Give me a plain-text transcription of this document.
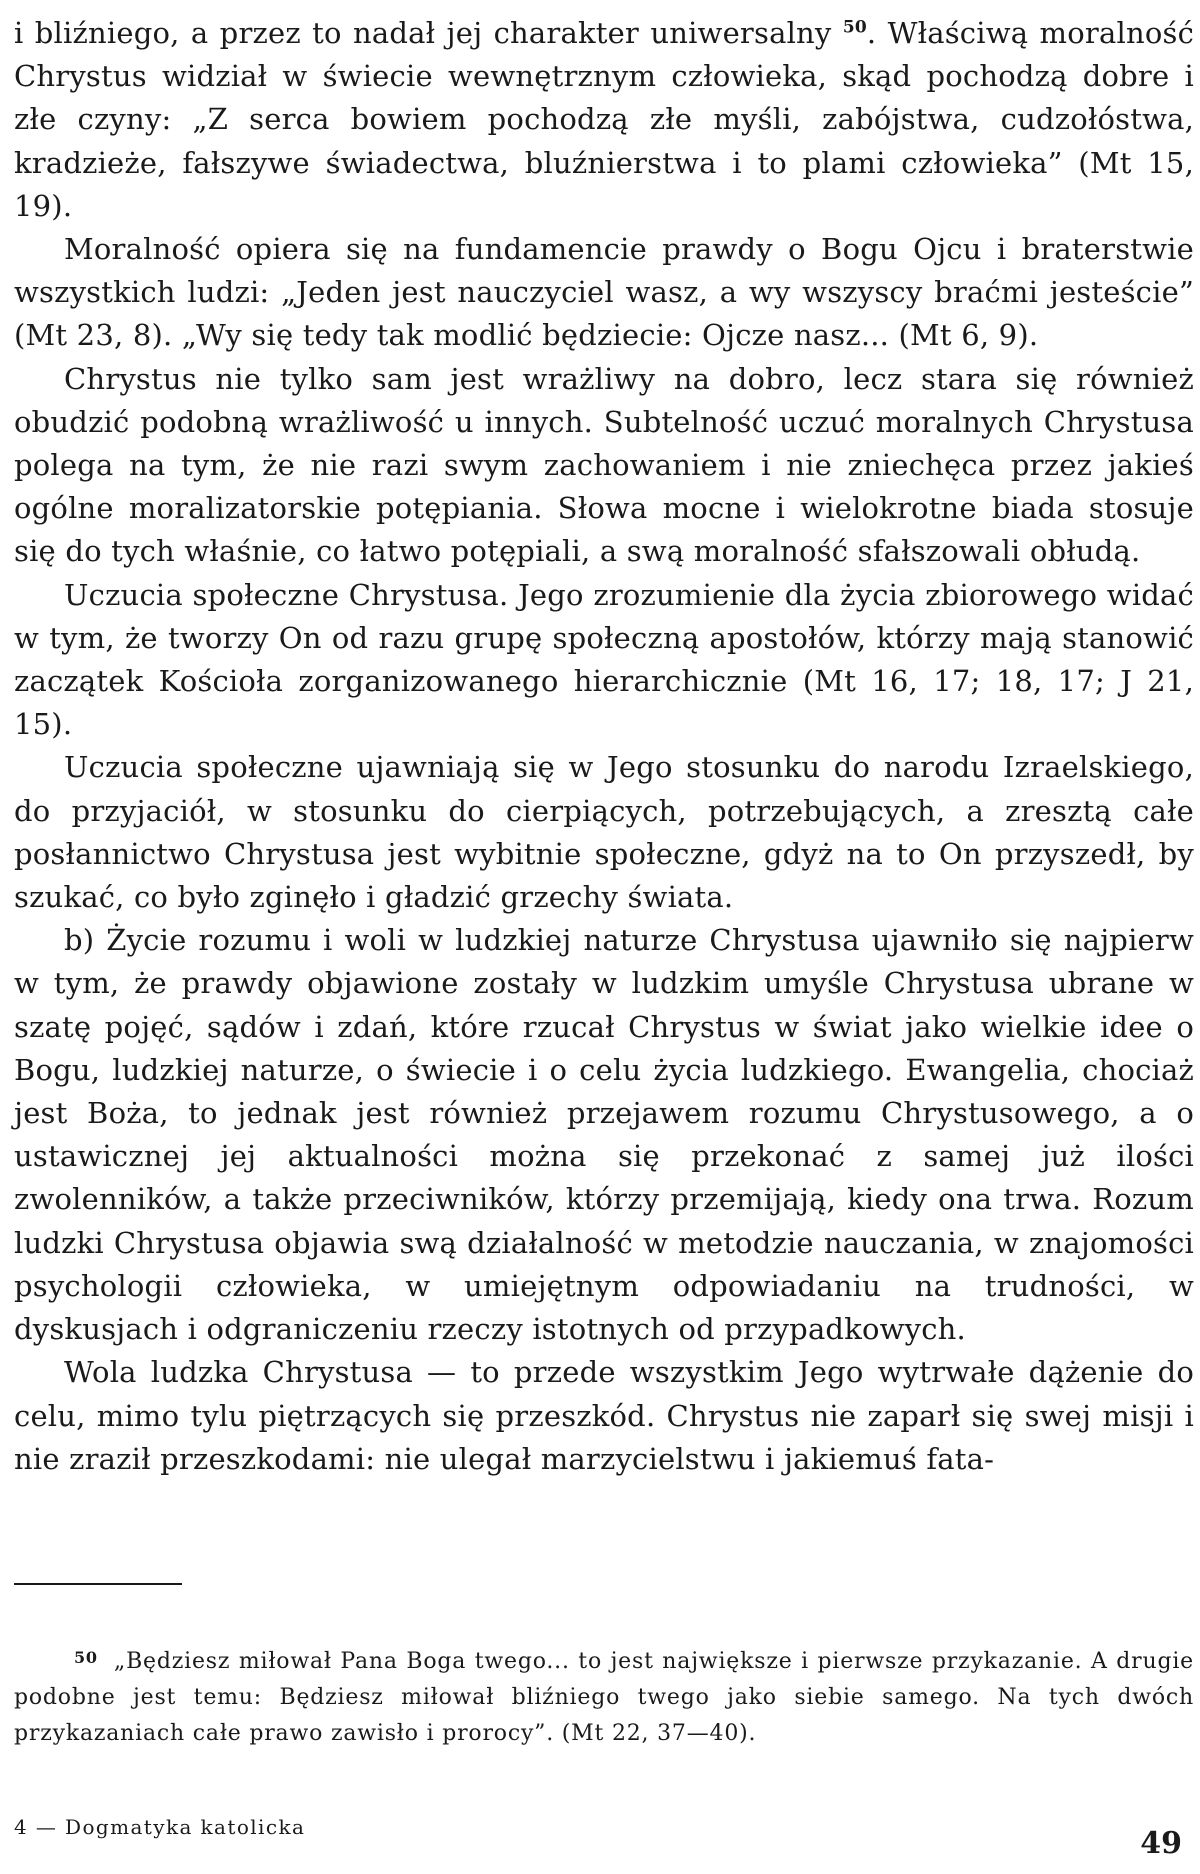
i bliźniego, a przez to nadał jej charakter uniwersalny $^{50}$. Właściwą moralność Chrystus widział w świecie wewnętrznym człowieka, skąd pochodzą dobre i złe czyny: „Z serca bowiem pochodzą złe myśli, zabójstwa, cudzołóstwa, kradzieże, fałszywe świadectwa, bluźnierstwa i to plami człowieka” (Mt 15, 19).

Moralność opiera się na fundamencie prawdy o Bogu Ojcu i braterstwie wszystkich ludzi: „Jeden jest nauczyciel wasz, a wy wszyscy braćmi jesteście” (Mt 23, 8). „Wy się tedy tak modlić będziecie: Ojcze nasz... (Mt 6, 9).

Chrystus nie tylko sam jest wrażliwy na dobro, lecz stara się również obudzić podobną wrażliwość u innych. Subtelność uczuć moralnych Chrystusa polega na tym, że nie razi swym zachowaniem i nie zniechęca przez jakieś ogólne moralizatorskie potępiania. Słowa mocne i wielokrotne biada stosuje się do tych właśnie, co łatwo potępiali, a swą moralność sfałszowali obłudą.

Uczucia społeczne Chrystusa. Jego zrozumienie dla życia zbiorowego widać w tym, że tworzy On od razu grupę społeczną apostołów, którzy mają stanowić zaczątek Kościoła zorganizowanego hierarchicznie (Mt 16, 17; 18, 17; J 21, 15).

Uczucia społeczne ujawniają się w Jego stosunku do narodu Izraelskiego, do przyjaciół, w stosunku do cierpiących, potrzebujących, a zresztą całe posłannictwo Chrystusa jest wybitnie społeczne, gdyż na to On przyszedł, by szukać, co było zginęło i gładzić grzechy świata.

b) Życie rozumu i woli w ludzkiej naturze Chrystusa ujawniło się najpierw w tym, że prawdy objawione zostały w ludzkim umyśle Chrystusa ubrane w szatę pojęć, sądów i zdań, które rzucał Chrystus w świat jako wielkie idee o Bogu, ludzkiej naturze, o świecie i o celu życia ludzkiego. Ewangelia, chociaż jest Boża, to jednak jest również przejawem rozumu Chrystusowego, a o ustawicznej jej aktualności można się przekonać z samej już ilości zwolenników, a także przeciwników, którzy przemijają, kiedy ona trwa. Rozum ludzki Chrystusa objawia swą działalność w metodzie nauczania, w znajomości psychologii człowieka, w umiejętnym odpowiadaniu na trudności, w dyskusjach i odgraniczeniu rzeczy istotnych od przypadkowych.

Wola ludzka Chrystusa — to przede wszystkim Jego wytrwałe dążenie do celu, mimo tylu piętrzących się przeszkód. Chrystus nie zaparł się swej misji i nie zraził przeszkodami: nie ulegał marzycielstwu i jakiemuś fata-

$^{50}$ „Będziesz miłował Pana Boga twego... to jest największe i pierwsze przykazanie. A drugie podobne jest temu: Będziesz miłował bliźniego twego jako siebie samego. Na tych dwóch przykazaniach całe prawo zawisło i prorocy”. (Mt 22, 37—40).
4 — Dogmatyka katolicka	49
